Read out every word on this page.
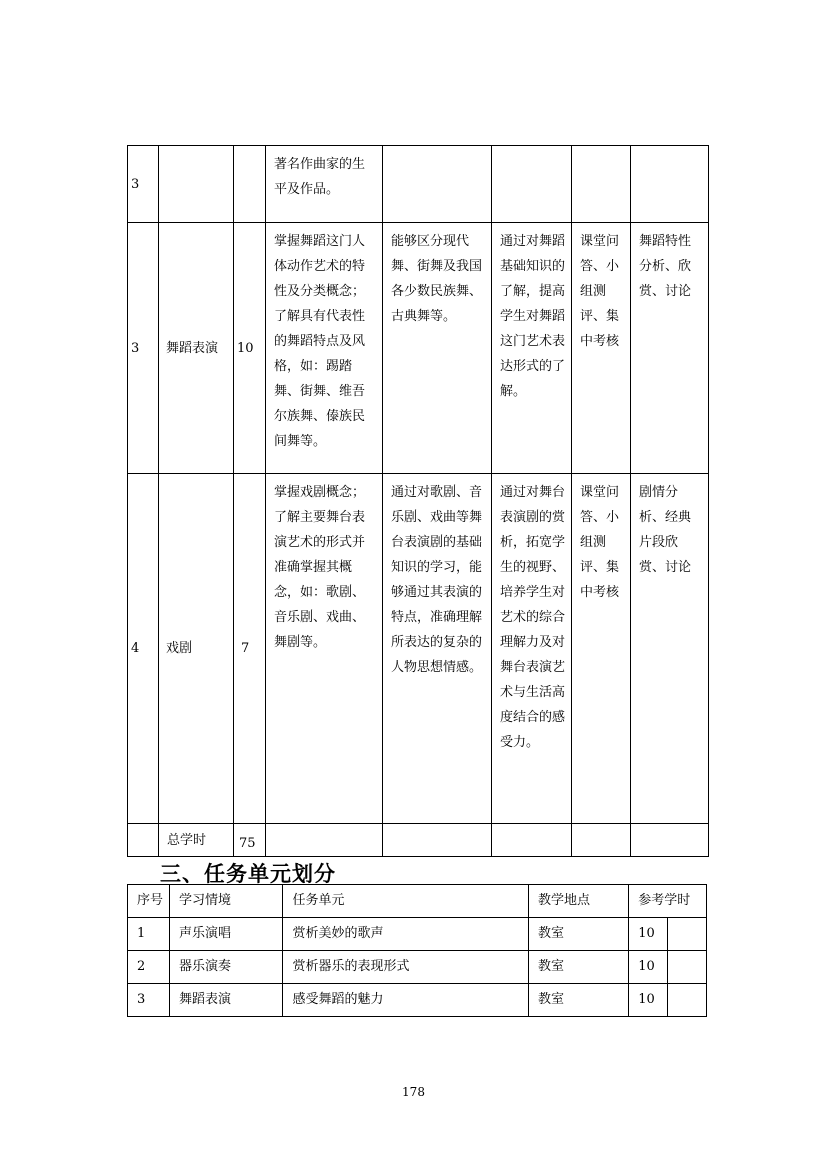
3			著名作曲家的生平及作品。				
3	舞蹈表演	10	掌握舞蹈这门人体动作艺术的特性及分类概念；了解具有代表性的舞蹈特点及风格，如：踢踏舞、街舞、维吾尔族舞、傣族民间舞等。	能够区分现代舞、街舞及我国各少数民族舞、古典舞等。	通过对舞蹈基础知识的了解，提高学生对舞蹈这门艺术表达形式的了解。	课堂问答、小组测评、集中考核	舞蹈特性分析、欣赏、讨论
4	戏剧	7	掌握戏剧概念；了解主要舞台表演艺术的形式并准确掌握其概念，如：歌剧、音乐剧、戏曲、舞剧等。	通过对歌剧、音乐剧、戏曲等舞台表演剧的基础知识的学习，能够通过其表演的特点，准确理解所表达的复杂的人物思想情感。	通过对舞台表演剧的赏析，拓宽学生的视野、培养学生对艺术的综合理解力及对舞台表演艺术与生活高度结合的感受力。	课堂问答、小组测评、集中考核	剧情分析、经典片段欣赏、讨论
	总学时	75					
三、任务单元划分
序号	学习情境	任务单元	教学地点	参考学时	
1	声乐演唱	赏析美妙的歌声	教室	10	
2	器乐演奏	赏析器乐的表现形式	教室	10	
3	舞蹈表演	感受舞蹈的魅力	教室	10	
178
